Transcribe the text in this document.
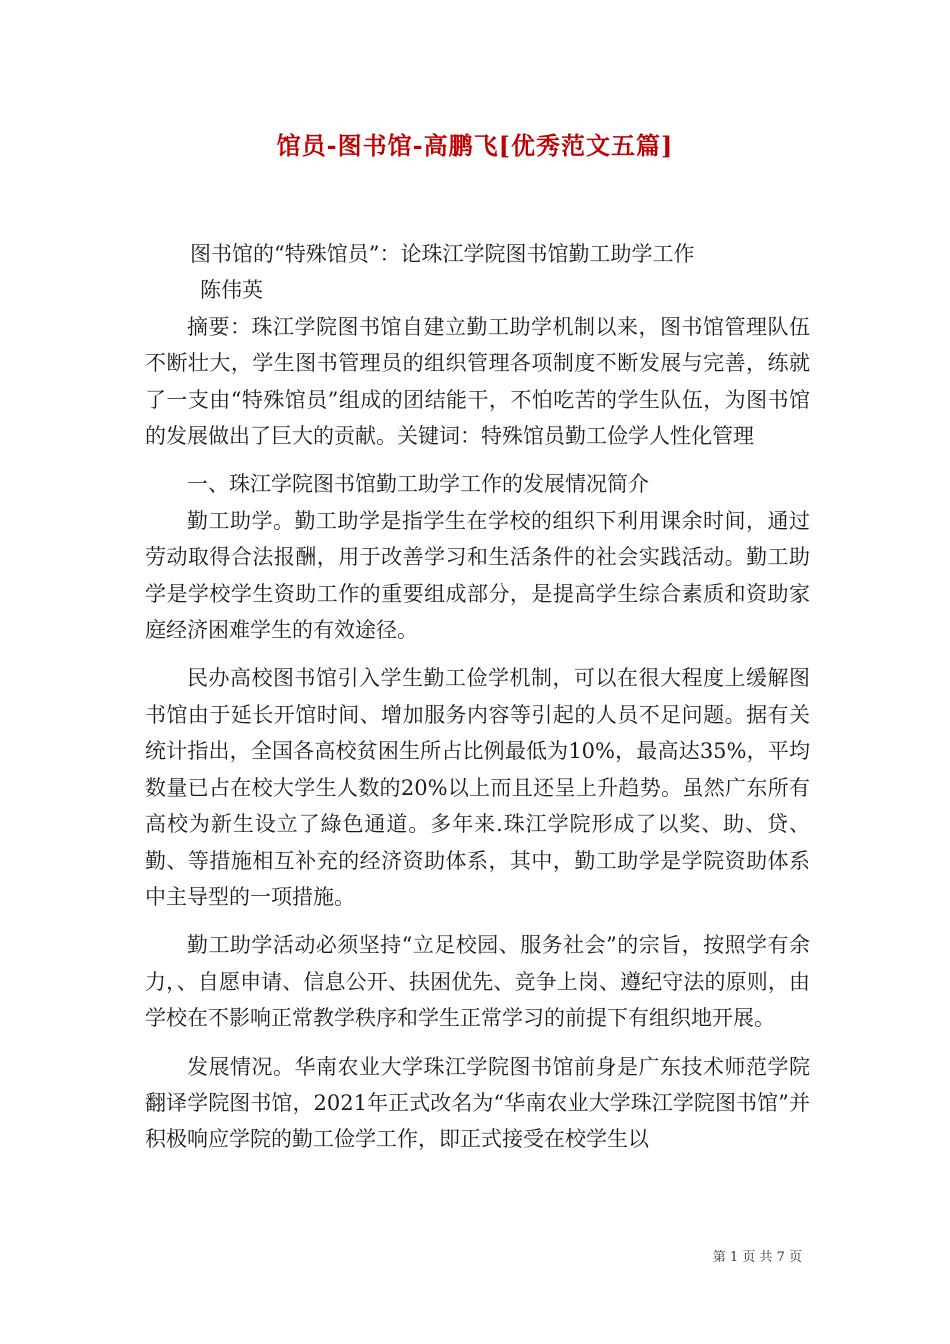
馆员-图书馆-高鹏飞[优秀范文五篇]

图书馆的“特殊馆员”：论珠江学院图书馆勤工助学工作

陈伟英

摘要：珠江学院图书馆自建立勤工助学机制以来，图书馆管理队伍不断壮大，学生图书管理员的组织管理各项制度不断发展与完善，练就了一支由“特殊馆员”组成的团结能干，不怕吃苦的学生队伍，为图书馆的发展做出了巨大的贡献。关键词：特殊馆员勤工俭学人性化管理

一、珠江学院图书馆勤工助学工作的发展情况简介

勤工助学。勤工助学是指学生在学校的组织下利用课余时间，通过劳动取得合法报酬，用于改善学习和生活条件的社会实践活动。勤工助学是学校学生资助工作的重要组成部分，是提高学生综合素质和资助家庭经济困难学生的有效途径。

民办高校图书馆引入学生勤工俭学机制，可以在很大程度上缓解图书馆由于延长开馆时间、增加服务内容等引起的人员不足问题。据有关统计指出，全国各高校贫困生所占比例最低为10%，最高达35%，平均数量已占在校大学生人数的20%以上而且还呈上升趋势。虽然广东所有高校为新生设立了綠色通道。多年来.珠江学院形成了以奖、助、贷、勤、等措施相互补充的经济资助体系，其中，勤工助学是学院资助体系中主导型的一项措施。

勤工助学活动必须坚持“立足校园、服务社会”的宗旨，按照学有余力，、自愿申请、信息公开、扶困优先、竞争上岗、遵纪守法的原则，由学校在不影响正常教学秩序和学生正常学习的前提下有组织地开展。

发展情况。华南农业大学珠江学院图书馆前身是广东技术师范学院翻译学院图书馆，2021年正式改名为“华南农业大学珠江学院图书馆”并积极响应学院的勤工俭学工作，即正式接受在校学生以

第 1 页 共 7 页
